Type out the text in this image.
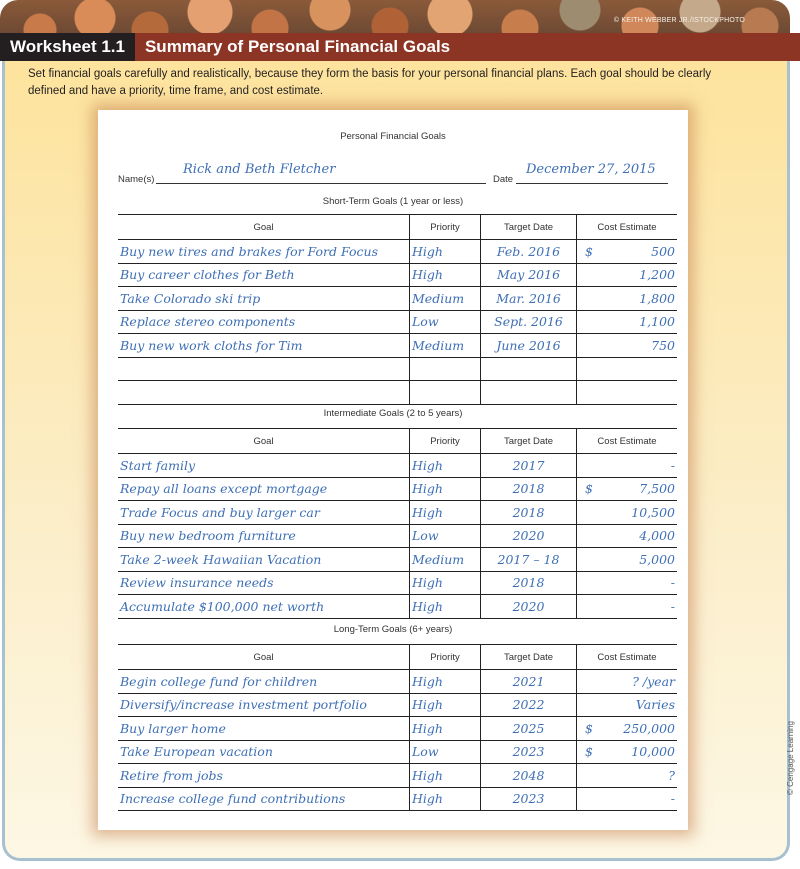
© KEITH WEBBER JR./ISTOCKPHOTO
Worksheet 1.1	Summary of Personal Financial Goals
Set financial goals carefully and realistically, because they form the basis for your personal financial plans. Each goal should be clearly defined and have a priority, time frame, and cost estimate.
Personal Financial Goals
Name(s)
Rick and Beth Fletcher
Date
December 27, 2015
Short-Term Goals (1 year or less)
Goal	Priority	Target Date	Cost Estimate
Buy new tires and brakes for Ford Focus	High	Feb. 2016	$ 500
Buy career clothes for Beth	High	May 2016	1,200
Take Colorado ski trip	Medium	Mar. 2016	1,800
Replace stereo components	Low	Sept. 2016	1,100
Buy new work cloths for Tim	Medium	June 2016	750

Intermediate Goals (2 to 5 years)
Goal	Priority	Target Date	Cost Estimate
Start family	High	2017	-
Repay all loans except mortgage	High	2018	$ 7,500
Trade Focus and buy larger car	High	2018	10,500
Buy new bedroom furniture	Low	2020	4,000
Take 2-week Hawaiian Vacation	Medium	2017 – 18	5,000
Review insurance needs	High	2018	-
Accumulate $100,000 net worth	High	2020	-
Long-Term Goals (6+ years)
Goal	Priority	Target Date	Cost Estimate
Begin college fund for children	High	2021	? /year
Diversify/increase investment portfolio	High	2022	Varies
Buy larger home	High	2025	$ 250,000
Take European vacation	Low	2023	$ 10,000
Retire from jobs	High	2048	?
Increase college fund contributions	High	2023	-
© Cengage Learning
